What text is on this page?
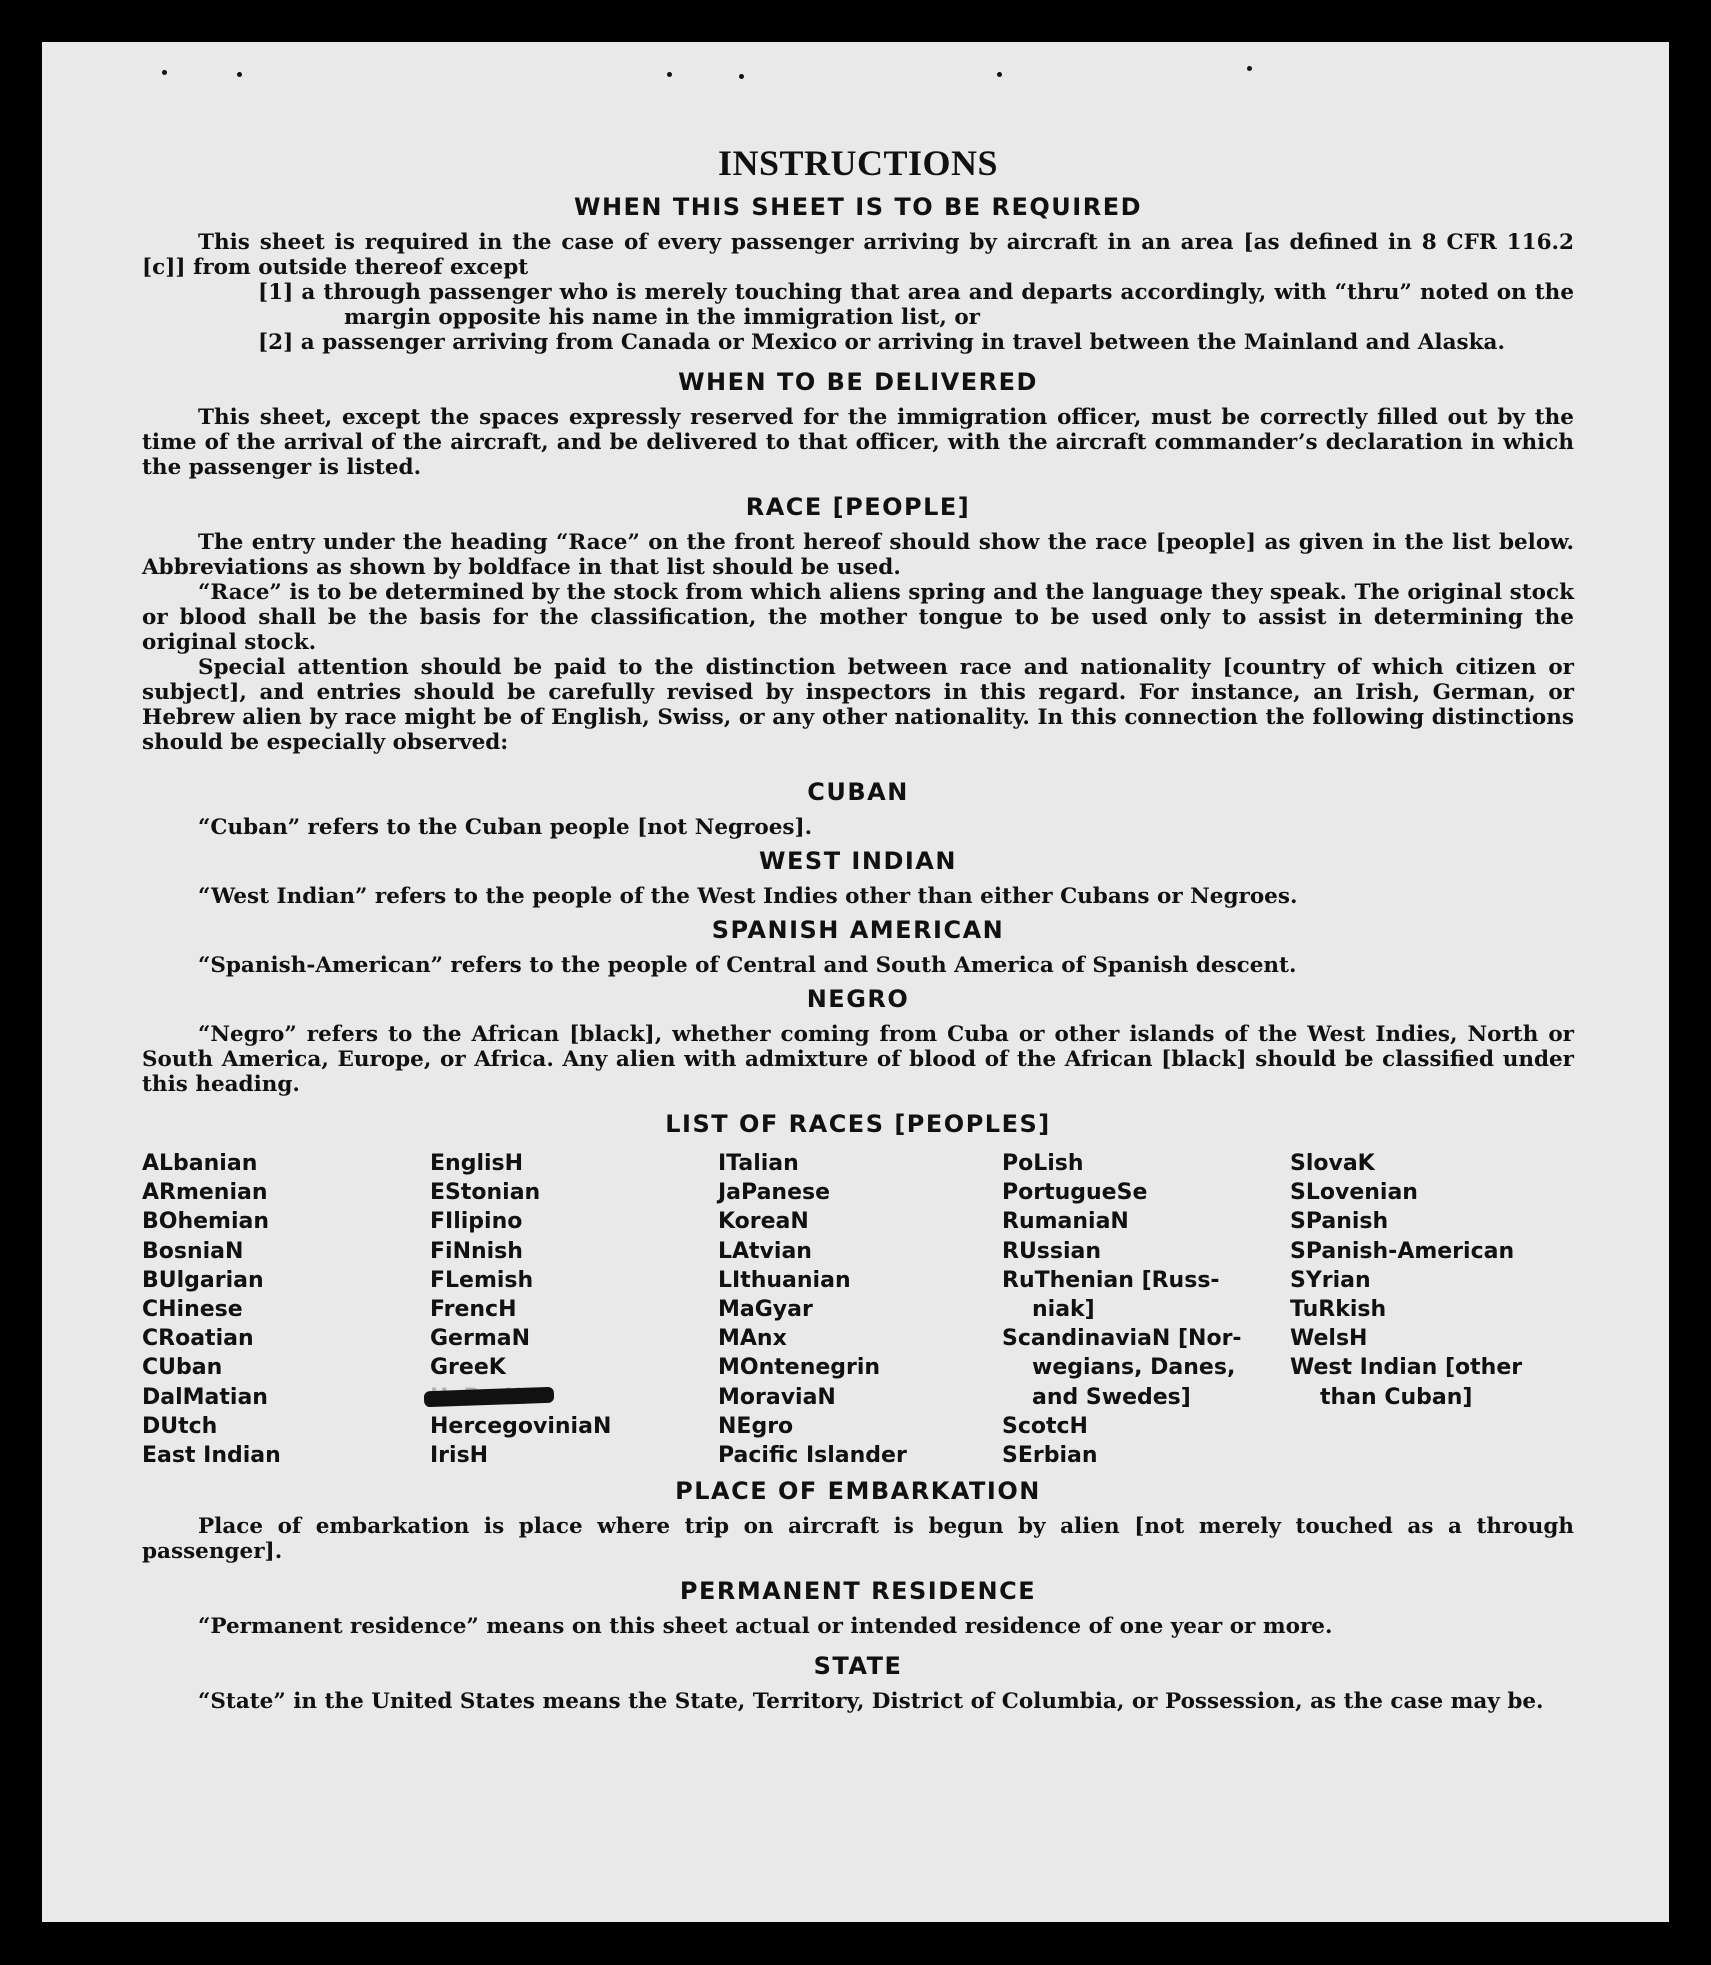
INSTRUCTIONS
WHEN THIS SHEET IS TO BE REQUIRED

This sheet is required in the case of every passenger arriving by aircraft in an area [as defined in 8 CFR 116.2 [c]] from outside thereof except

[1] a through passenger who is merely touching that area and departs accordingly, with “thru” noted on the margin opposite his name in the immigration list, or

[2] a passenger arriving from Canada or Mexico or arriving in travel between the Mainland and Alaska.

WHEN TO BE DELIVERED

This sheet, except the spaces expressly reserved for the immigration officer, must be correctly filled out by the time of the arrival of the aircraft, and be delivered to that officer, with the aircraft commander’s declaration in which the passenger is listed.

RACE [PEOPLE]

The entry under the heading “Race” on the front hereof should show the race [people] as given in the list below. Abbreviations as shown by boldface in that list should be used.

“Race” is to be determined by the stock from which aliens spring and the language they speak. The original stock or blood shall be the basis for the classification, the mother tongue to be used only to assist in determining the original stock.

Special attention should be paid to the distinction between race and nationality [country of which citizen or subject], and entries should be carefully revised by inspectors in this regard. For instance, an Irish, German, or Hebrew alien by race might be of English, Swiss, or any other nationality. In this connection the following distinctions should be especially observed:

CUBAN

“Cuban” refers to the Cuban people [not Negroes].

WEST INDIAN

“West Indian” refers to the people of the West Indies other than either Cubans or Negroes.

SPANISH AMERICAN

“Spanish-American” refers to the people of Central and South America of Spanish descent.

NEGRO

“Negro” refers to the African [black], whether coming from Cuba or other islands of the West Indies, North or South America, Europe, or Africa. Any alien with admixture of blood of the African [black] should be classified under this heading.

LIST OF RACES [PEOPLES]
ALbanian
ARmenian
BOhemian
BosniaN
BUlgarian
CHinese
CRoatian
CUban
DalMatian
DUtch
East Indian
EnglisH
EStonian
FIlipino
FiNnish
FLemish
FrencH
GermaN
GreeK
HercegoviniaN
IrisH
ITalian
JaPanese
KoreaN
LAtvian
LIthuanian
MaGyar
MAnx
MOntenegrin
MoraviaN
NEgro
Pacific Islander
PoLish
PortugueSe
RumaniaN
RUssian
RuThenian [Russ-
niak]
ScandinaviaN [Nor-
wegians, Danes,
and Swedes]
ScotcH
SErbian
SlovaK
SLovenian
SPanish
SPanish-American
SYrian
TuRkish
WelsH
West Indian [other
than Cuban]
PLACE OF EMBARKATION

Place of embarkation is place where trip on aircraft is begun by alien [not merely touched as a through passenger].

PERMANENT RESIDENCE

“Permanent residence” means on this sheet actual or intended residence of one year or more.

STATE

“State” in the United States means the State, Territory, District of Columbia, or Possession, as the case may be.
